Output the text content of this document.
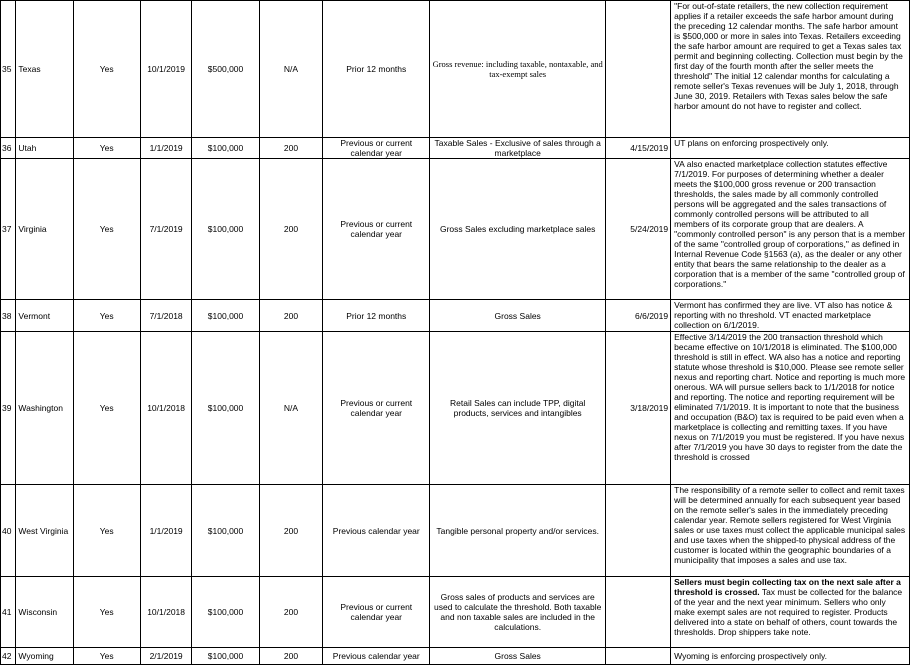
35	Texas	Yes	10/1/2019	$500,000	N/A	Prior 12 months	Gross revenue: including taxable, nontaxable, and tax-exempt sales		"For out-of-state retailers, the new collection requirement applies if a retailer exceeds the safe harbor amount during the preceding 12 calendar months. The safe harbor amount is $500,000 or more in sales into Texas. Retailers exceeding the safe harbor amount are required to get a Texas sales tax permit and beginning collecting. Collection must begin by the first day of the fourth month after the seller meets the threshold" The initial 12 calendar months for calculating a remote seller's Texas revenues will be July 1, 2018, through June 30, 2019. Retailers with Texas sales below the safe harbor amount do not have to register and collect.
36	Utah	Yes	1/1/2019	$100,000	200	Previous or current calendar year	Taxable Sales - Exclusive of sales through a marketplace	4/15/2019	UT plans on enforcing prospectively only.
37	Virginia	Yes	7/1/2019	$100,000	200	Previous or current calendar year	Gross Sales excluding marketplace sales	5/24/2019	VA also enacted marketplace collection statutes effective 7/1/2019. For purposes of determining whether a dealer meets the $100,000 gross revenue or 200 transaction thresholds, the sales made by all commonly controlled persons will be aggregated and the sales transactions of commonly controlled persons will be attributed to all members of its corporate group that are dealers. A "commonly controlled person" is any person that is a member of the same "controlled group of corporations," as defined in Internal Revenue Code §1563 (a), as the dealer or any other entity that bears the same relationship to the dealer as a corporation that is a member of the same "controlled group of corporations."
38	Vermont	Yes	7/1/2018	$100,000	200	Prior 12 months	Gross Sales	6/6/2019	Vermont has confirmed they are live. VT also has notice & reporting with no threshold. VT enacted marketplace collection on 6/1/2019.
39	Washington	Yes	10/1/2018	$100,000	N/A	Previous or current calendar year	Retail Sales can include TPP, digital products, services and intangibles	3/18/2019	Effective 3/14/2019 the 200 transaction threshold which became effective on 10/1/2018 is eliminated. The $100,000 threshold is still in effect. WA also has a notice and reporting statute whose threshold is $10,000. Please see remote seller nexus and reporting chart. Notice and reporting is much more onerous. WA will pursue sellers back to 1/1/2018 for notice and reporting. The notice and reporting requirement will be eliminated 7/1/2019. It is important to note that the business and occupation (B&O) tax is required to be paid even when a marketplace is collecting and remitting taxes. If you have nexus on 7/1/2019 you must be registered. If you have nexus after 7/1/2019 you have 30 days to register from the date the threshold is crossed
40	West Virginia	Yes	1/1/2019	$100,000	200	Previous calendar year	Tangible personal property and/or services.		The responsibility of a remote seller to collect and remit taxes will be determined annually for each subsequent year based on the remote seller's sales in the immediately preceding calendar year. Remote sellers registered for West Virginia sales or use taxes must collect the applicable municipal sales and use taxes when the shipped-to physical address of the customer is located within the geographic boundaries of a municipality that imposes a sales and use tax.
41	Wisconsin	Yes	10/1/2018	$100,000	200	Previous or current calendar year	Gross sales of products and services are used to calculate the threshold. Both taxable and non taxable sales are included in the calculations.		Sellers must begin collecting tax on the next sale after a threshold is crossed. Tax must be collected for the balance of the year and the next year minimum. Sellers who only make exempt sales are not required to register. Products delivered into a state on behalf of others, count towards the thresholds. Drop shippers take note.
42	Wyoming	Yes	2/1/2019	$100,000	200	Previous calendar year	Gross Sales		Wyoming is enforcing prospectively only.
